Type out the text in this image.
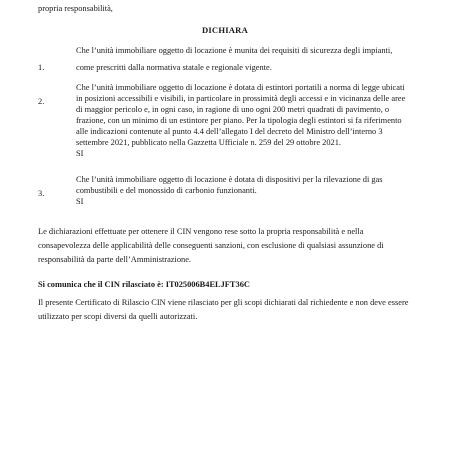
propria responsabilità,
DICHIARA
1.
Che l’unità immobiliare oggetto di locazione è munita dei requisiti di sicurezza degli impianti,
come prescritti dalla normativa statale e regionale vigente.
2.
Che l’unità immobiliare oggetto di locazione è dotata di estintori portatili a norma di legge ubicati
in posizioni accessibili e visibili, in particolare in prossimità degli accessi e in vicinanza delle aree
di maggior pericolo e, in ogni caso, in ragione di uno ogni 200 metri quadrati di pavimento, o
frazione, con un minimo di un estintore per piano. Per la tipologia degli estintori si fa riferimento
alle indicazioni contenute al punto 4.4 dell’allegato I del decreto del Ministro dell’interno 3
settembre 2021, pubblicato nella Gazzetta Ufficiale n. 259 del 29 ottobre 2021.
SI
3.
Che l’unità immobiliare oggetto di locazione è dotata di dispositivi per la rilevazione di gas
combustibili e del monossido di carbonio funzionanti.
SI
Le dichiarazioni effettuate per ottenere il CIN vengono rese sotto la propria responsabilità e nella
consapevolezza delle applicabilità delle conseguenti sanzioni, con esclusione di qualsiasi assunzione di
responsabilità da parte dell’Amministrazione.
Si comunica che il CIN rilasciato è: IT025006B4ELJFT36C
Il presente Certificato di Rilascio CIN viene rilasciato per gli scopi dichiarati dal richiedente e non deve essere
utilizzato per scopi diversi da quelli autorizzati.
